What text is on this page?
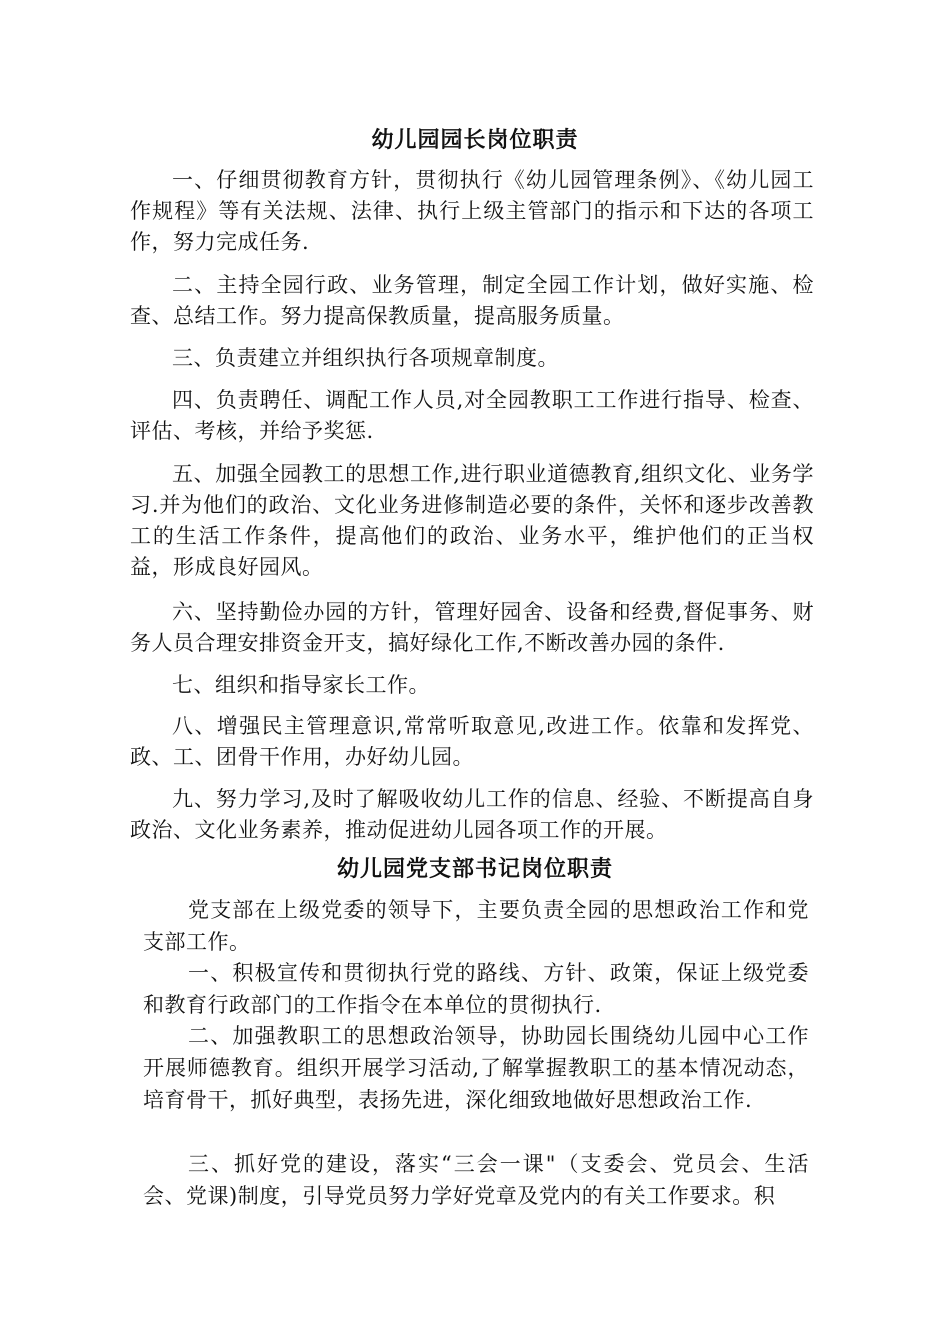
幼儿园园长岗位职责

一、仔细贯彻教育方针，贯彻执行《幼儿园管理条例》、《幼儿园工作规程》等有关法规、法律、执行上级主管部门的指示和下达的各项工作，努力完成任务.

二、主持全园行政、业务管理，制定全园工作计划，做好实施、检查、总结工作。努力提高保教质量，提高服务质量。

三、负责建立并组织执行各项规章制度。

四、负责聘任、调配工作人员,对全园教职工工作进行指导、检查、评估、考核，并给予奖惩.

五、加强全园教工的思想工作,进行职业道德教育,组织文化、业务学习.并为他们的政治、文化业务进修制造必要的条件，关怀和逐步改善教工的生活工作条件，提高他们的政治、业务水平，维护他们的正当权益，形成良好园风。

六、坚持勤俭办园的方针，管理好园舍、设备和经费,督促事务、财务人员合理安排资金开支，搞好绿化工作,不断改善办园的条件.

七、组织和指导家长工作。

八、增强民主管理意识,常常听取意见,改进工作。依靠和发挥党、政、工、团骨干作用，办好幼儿园。

九、努力学习,及时了解吸收幼儿工作的信息、经验、不断提高自身政治、文化业务素养，推动促进幼儿园各项工作的开展。

幼儿园党支部书记岗位职责

党支部在上级党委的领导下，主要负责全园的思想政治工作和党支部工作。

一、积极宣传和贯彻执行党的路线、方针、政策，保证上级党委和教育行政部门的工作指令在本单位的贯彻执行.

二、加强教职工的思想政治领导，协助园长围绕幼儿园中心工作开展师德教育。组织开展学习活动,了解掌握教职工的基本情况动态，培育骨干，抓好典型，表扬先进，深化细致地做好思想政治工作.

三、抓好党的建设，落实“三会一课"（支委会、党员会、生活会、党课)制度，引导党员努力学好党章及党内的有关工作要求。积
